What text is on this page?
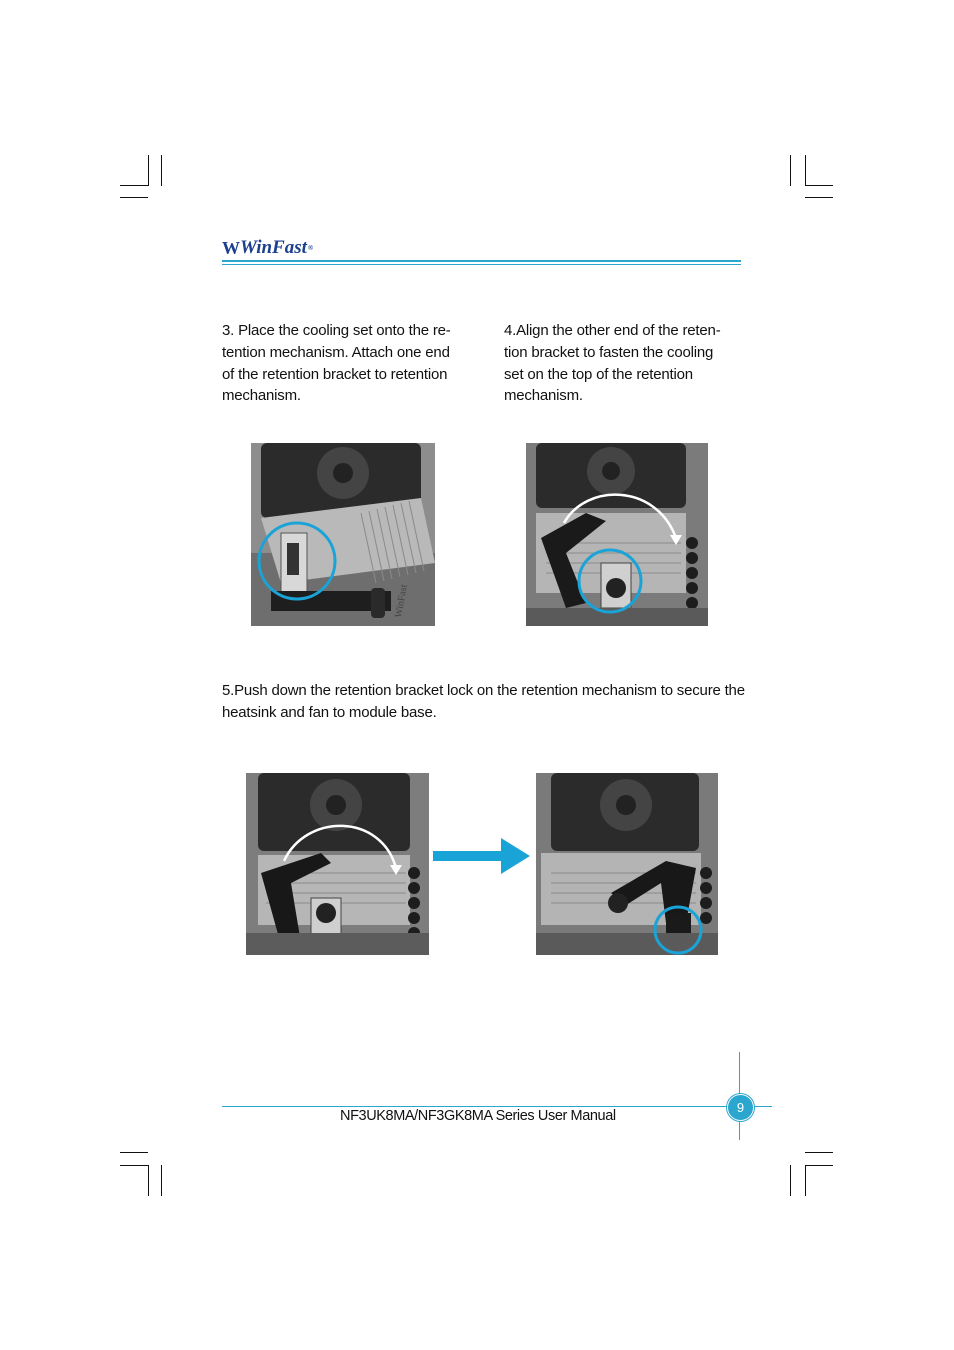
W WinFast ®

3. Place the cooling set onto the re-tention mechanism. Attach one end of the retention bracket to retention mechanism.

4.Align the other end of the reten-tion bracket to fasten the cooling set on the top of the retention mechanism.

WinFast

5.Push down the retention bracket lock on the retention mechanism to secure the heatsink and fan to module base.

9
NF3UK8MA/NF3GK8MA Series User Manual
